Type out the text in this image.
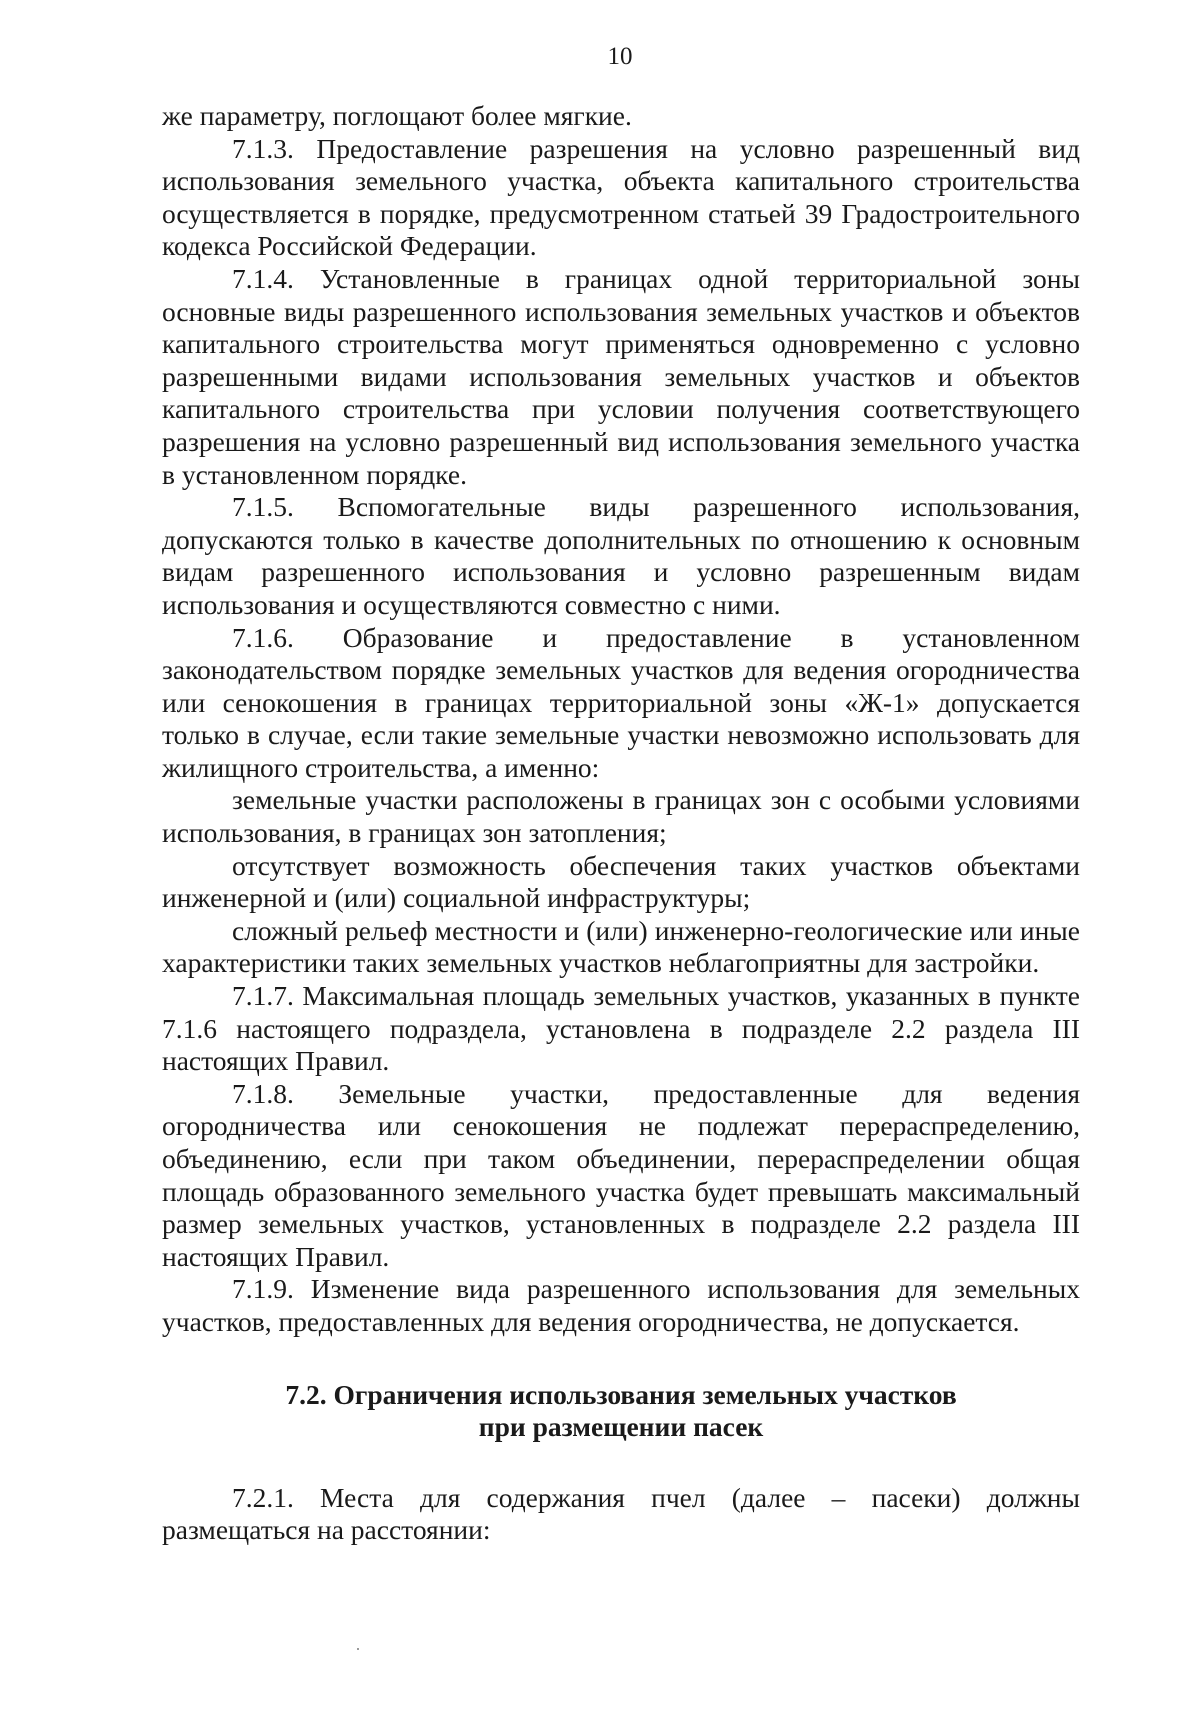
10

же параметру, поглощают более мягкие.

7.1.3. Предоставление разрешения на условно разрешенный вид использования земельного участка, объекта капитального строительства осуществляется в порядке, предусмотренном статьей 39 Градостроительного кодекса Российской Федерации.

7.1.4. Установленные в границах одной территориальной зоны основные виды разрешенного использования земельных участков и объектов капитального строительства могут применяться одновременно с условно разрешенными видами использования земельных участков и объектов капитального строительства при условии получения соответствующего разрешения на условно разрешенный вид использования земельного участка в установленном порядке.

7.1.5. Вспомогательные виды разрешенного использования, допускаются только в качестве дополнительных по отношению к основным видам разрешенного использования и условно разрешенным видам использования и осуществляются совместно с ними.

7.1.6. Образование и предоставление в установленном законодательством порядке земельных участков для ведения огородничества или сенокошения в границах территориальной зоны «Ж-1» допускается только в случае, если такие земельные участки невозможно использовать для жилищного строительства, а именно:

земельные участки расположены в границах зон с особыми условиями использования, в границах зон затопления;

отсутствует возможность обеспечения таких участков объектами инженерной и (или) социальной инфраструктуры;

сложный рельеф местности и (или) инженерно-геологические или иные характеристики таких земельных участков неблагоприятны для застройки.

7.1.7. Максимальная площадь земельных участков, указанных в пункте 7.1.6 настоящего подраздела, установлена в подразделе 2.2 раздела III настоящих Правил.

7.1.8. Земельные участки, предоставленные для ведения огородничества или сенокошения не подлежат перераспределению, объединению, если при таком объединении, перераспределении общая площадь образованного земельного участка будет превышать максимальный размер земельных участков, установленных в подразделе 2.2 раздела III настоящих Правил.

7.1.9. Изменение вида разрешенного использования для земельных участков, предоставленных для ведения огородничества, не допускается.

7.2. Ограничения использования земельных участков
при размещении пасек

7.2.1. Места для содержания пчел (далее – пасеки) должны размещаться на расстоянии:
